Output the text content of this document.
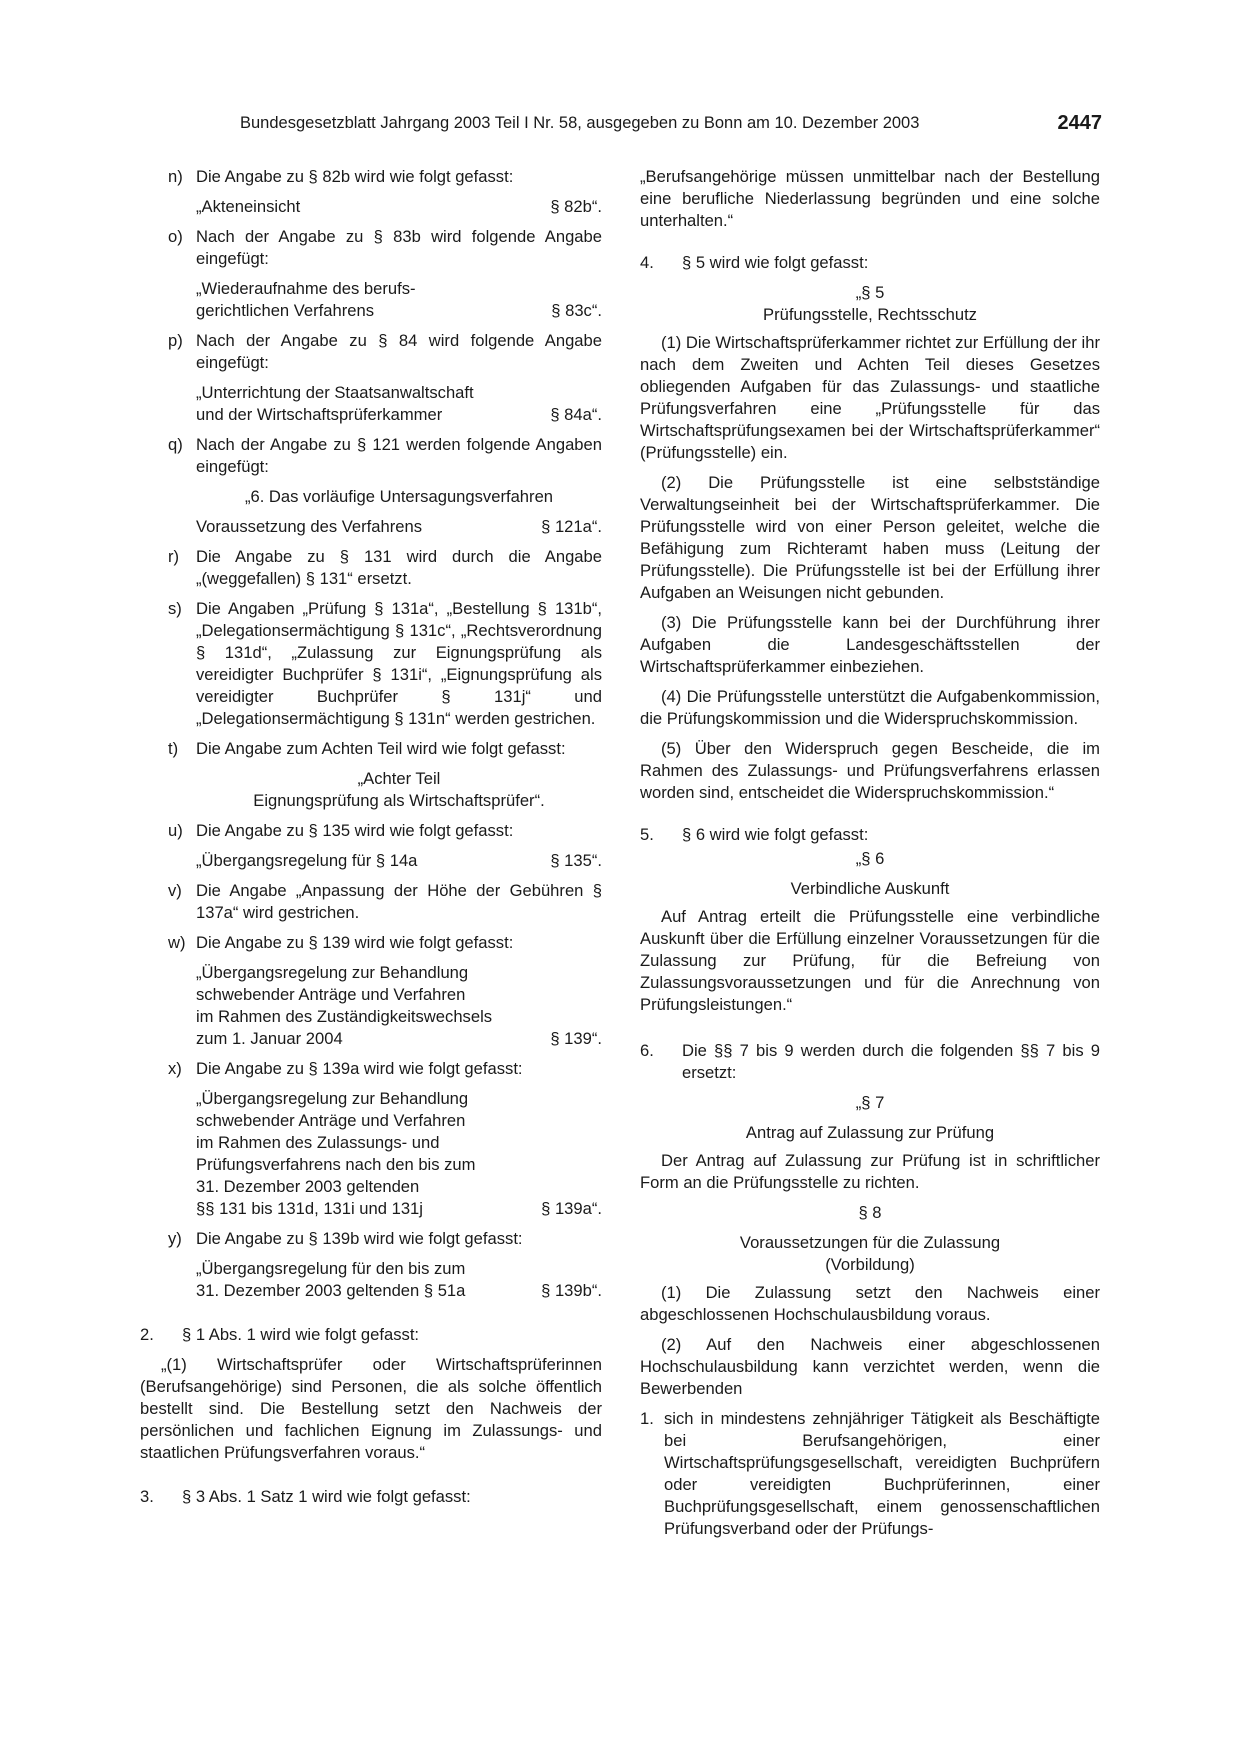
Bundesgesetzblatt Jahrgang 2003 Teil I Nr. 58, ausgegeben zu Bonn am 10. Dezember 2003	2447
n) Die Angabe zu § 82b wird wie folgt gefasst:
„Akteneinsicht	§ 82b“.
o) Nach der Angabe zu § 83b wird folgende Angabe eingefügt:
„Wiederaufnahme des berufs-
gerichtlichen Verfahrens	§ 83c“.
p) Nach der Angabe zu § 84 wird folgende Angabe eingefügt:
„Unterrichtung der Staatsanwaltschaft
und der Wirtschaftsprüferkammer	§ 84a“.
q) Nach der Angabe zu § 121 werden folgende Angaben eingefügt:
„6. Das vorläufige Untersagungsverfahren
Voraussetzung des Verfahrens	§ 121a“.
r) Die Angabe zu § 131 wird durch die Angabe „(weggefallen) § 131“ ersetzt.
s) Die Angaben „Prüfung § 131a“, „Bestellung § 131b“, „Delegationsermächtigung § 131c“, „Rechtsverordnung § 131d“, „Zulassung zur Eignungsprüfung als vereidigter Buchprüfer § 131i“, „Eignungsprüfung als vereidigter Buchprüfer § 131j“ und „Delegationsermächtigung § 131n“ werden gestrichen.
t) Die Angabe zum Achten Teil wird wie folgt gefasst:
„Achter Teil
Eignungsprüfung als Wirtschaftsprüfer“.
u) Die Angabe zu § 135 wird wie folgt gefasst:
„Übergangsregelung für § 14a	§ 135“.
v) Die Angabe „Anpassung der Höhe der Gebühren § 137a“ wird gestrichen.
w) Die Angabe zu § 139 wird wie folgt gefasst:
„Übergangsregelung zur Behandlung
schwebender Anträge und Verfahren
im Rahmen des Zuständigkeitswechsels
zum 1. Januar 2004	§ 139“.
x) Die Angabe zu § 139a wird wie folgt gefasst:
„Übergangsregelung zur Behandlung
schwebender Anträge und Verfahren
im Rahmen des Zulassungs- und
Prüfungsverfahrens nach den bis zum
31. Dezember 2003 geltenden
§§ 131 bis 131d, 131i und 131j	§ 139a“.
y) Die Angabe zu § 139b wird wie folgt gefasst:
„Übergangsregelung für den bis zum
31. Dezember 2003 geltenden § 51a	§ 139b“.
2. § 1 Abs. 1 wird wie folgt gefasst:
„(1) Wirtschaftsprüfer oder Wirtschaftsprüferinnen (Berufsangehörige) sind Personen, die als solche öffentlich bestellt sind. Die Bestellung setzt den Nachweis der persönlichen und fachlichen Eignung im Zulassungs- und staatlichen Prüfungsverfahren voraus.“
3. § 3 Abs. 1 Satz 1 wird wie folgt gefasst:
„Berufsangehörige müssen unmittelbar nach der Bestellung eine berufliche Niederlassung begründen und eine solche unterhalten.“
4. § 5 wird wie folgt gefasst:
„§ 5
Prüfungsstelle, Rechtsschutz
(1) Die Wirtschaftsprüferkammer richtet zur Erfüllung der ihr nach dem Zweiten und Achten Teil dieses Gesetzes obliegenden Aufgaben für das Zulassungs- und staatliche Prüfungsverfahren eine „Prüfungsstelle für das Wirtschaftsprüfungsexamen bei der Wirtschaftsprüferkammer“ (Prüfungsstelle) ein.
(2) Die Prüfungsstelle ist eine selbstständige Verwaltungseinheit bei der Wirtschaftsprüferkammer. Die Prüfungsstelle wird von einer Person geleitet, welche die Befähigung zum Richteramt haben muss (Leitung der Prüfungsstelle). Die Prüfungsstelle ist bei der Erfüllung ihrer Aufgaben an Weisungen nicht gebunden.
(3) Die Prüfungsstelle kann bei der Durchführung ihrer Aufgaben die Landesgeschäftsstellen der Wirtschaftsprüferkammer einbeziehen.
(4) Die Prüfungsstelle unterstützt die Aufgabenkommission, die Prüfungskommission und die Widerspruchskommission.
(5) Über den Widerspruch gegen Bescheide, die im Rahmen des Zulassungs- und Prüfungsverfahrens erlassen worden sind, entscheidet die Widerspruchskommission.“
5. § 6 wird wie folgt gefasst:
„§ 6
Verbindliche Auskunft
Auf Antrag erteilt die Prüfungsstelle eine verbindliche Auskunft über die Erfüllung einzelner Voraussetzungen für die Zulassung zur Prüfung, für die Befreiung von Zulassungsvoraussetzungen und für die Anrechnung von Prüfungsleistungen.“
6. Die §§ 7 bis 9 werden durch die folgenden §§ 7 bis 9 ersetzt:
„§ 7
Antrag auf Zulassung zur Prüfung
Der Antrag auf Zulassung zur Prüfung ist in schriftlicher Form an die Prüfungsstelle zu richten.
§ 8
Voraussetzungen für die Zulassung
(Vorbildung)
(1) Die Zulassung setzt den Nachweis einer abgeschlossenen Hochschulausbildung voraus.
(2) Auf den Nachweis einer abgeschlossenen Hochschulausbildung kann verzichtet werden, wenn die Bewerbenden
1. sich in mindestens zehnjähriger Tätigkeit als Beschäftigte bei Berufsangehörigen, einer Wirtschaftsprüfungsgesellschaft, vereidigten Buchprüfern oder vereidigten Buchprüferinnen, einer Buchprüfungsgesellschaft, einem genossenschaftlichen Prüfungsverband oder der Prüfungs-
